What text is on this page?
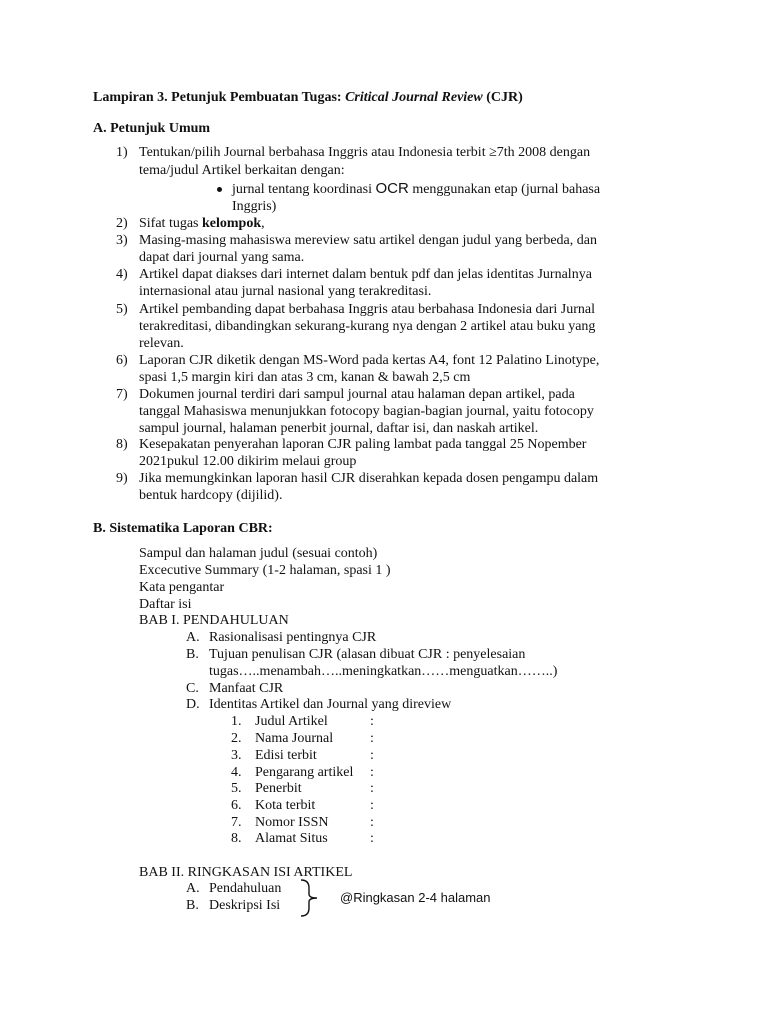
Lampiran 3. Petunjuk Pembuatan Tugas: Critical Journal Review (CJR)
A. Petunjuk Umum
1) Tentukan/pilih Journal berbahasa Inggris atau Indonesia terbit ≥7th 2008 dengan
tema/judul Artikel berkaitan dengan:
jurnal tentang koordinasi OCR menggunakan etap (jurnal bahasa
Inggris)
2) Sifat tugas kelompok,
3) Masing-masing mahasiswa mereview satu artikel dengan judul yang berbeda, dan
dapat dari journal yang sama.
4) Artikel dapat diakses dari internet dalam bentuk pdf dan jelas identitas Jurnalnya
internasional atau jurnal nasional yang terakreditasi.
5) Artikel pembanding dapat berbahasa Inggris atau berbahasa Indonesia dari Jurnal
terakreditasi, dibandingkan sekurang-kurang nya dengan 2 artikel atau buku yang
relevan.
6) Laporan CJR diketik dengan MS-Word pada kertas A4, font 12 Palatino Linotype,
spasi 1,5 margin kiri dan atas 3 cm, kanan & bawah 2,5 cm
7) Dokumen journal terdiri dari sampul journal atau halaman depan artikel, pada
tanggal Mahasiswa menunjukkan fotocopy bagian-bagian journal, yaitu fotocopy
sampul journal, halaman penerbit journal, daftar isi, dan naskah artikel.
8) Kesepakatan penyerahan laporan CJR paling lambat pada tanggal 25 Nopember
2021pukul 12.00 dikirim melaui group
9) Jika memungkinkan laporan hasil CJR diserahkan kepada dosen pengampu dalam
bentuk hardcopy (dijilid).
B. Sistematika Laporan CBR:
Sampul dan halaman judul (sesuai contoh)
Excecutive Summary (1-2 halaman, spasi 1 )
Kata pengantar
Daftar isi
BAB I. PENDAHULUAN
A. Rasionalisasi pentingnya CJR
B. Tujuan penulisan CJR (alasan dibuat CJR : penyelesaian
tugas…..menambah…..meningkatkan……menguatkan……..)
C. Manfaat CJR
D. Identitas Artikel dan Journal yang direview
1. Judul Artikel	:
2. Nama Journal	:
3. Edisi terbit	:
4. Pengarang artikel :
5. Penerbit	:
6. Kota terbit	:
7. Nomor ISSN	:
8. Alamat Situs	:
BAB II. RINGKASAN ISI ARTIKEL
A. Pendahuluan
B. Deskripsi Isi
@Ringkasan 2-4 halaman
